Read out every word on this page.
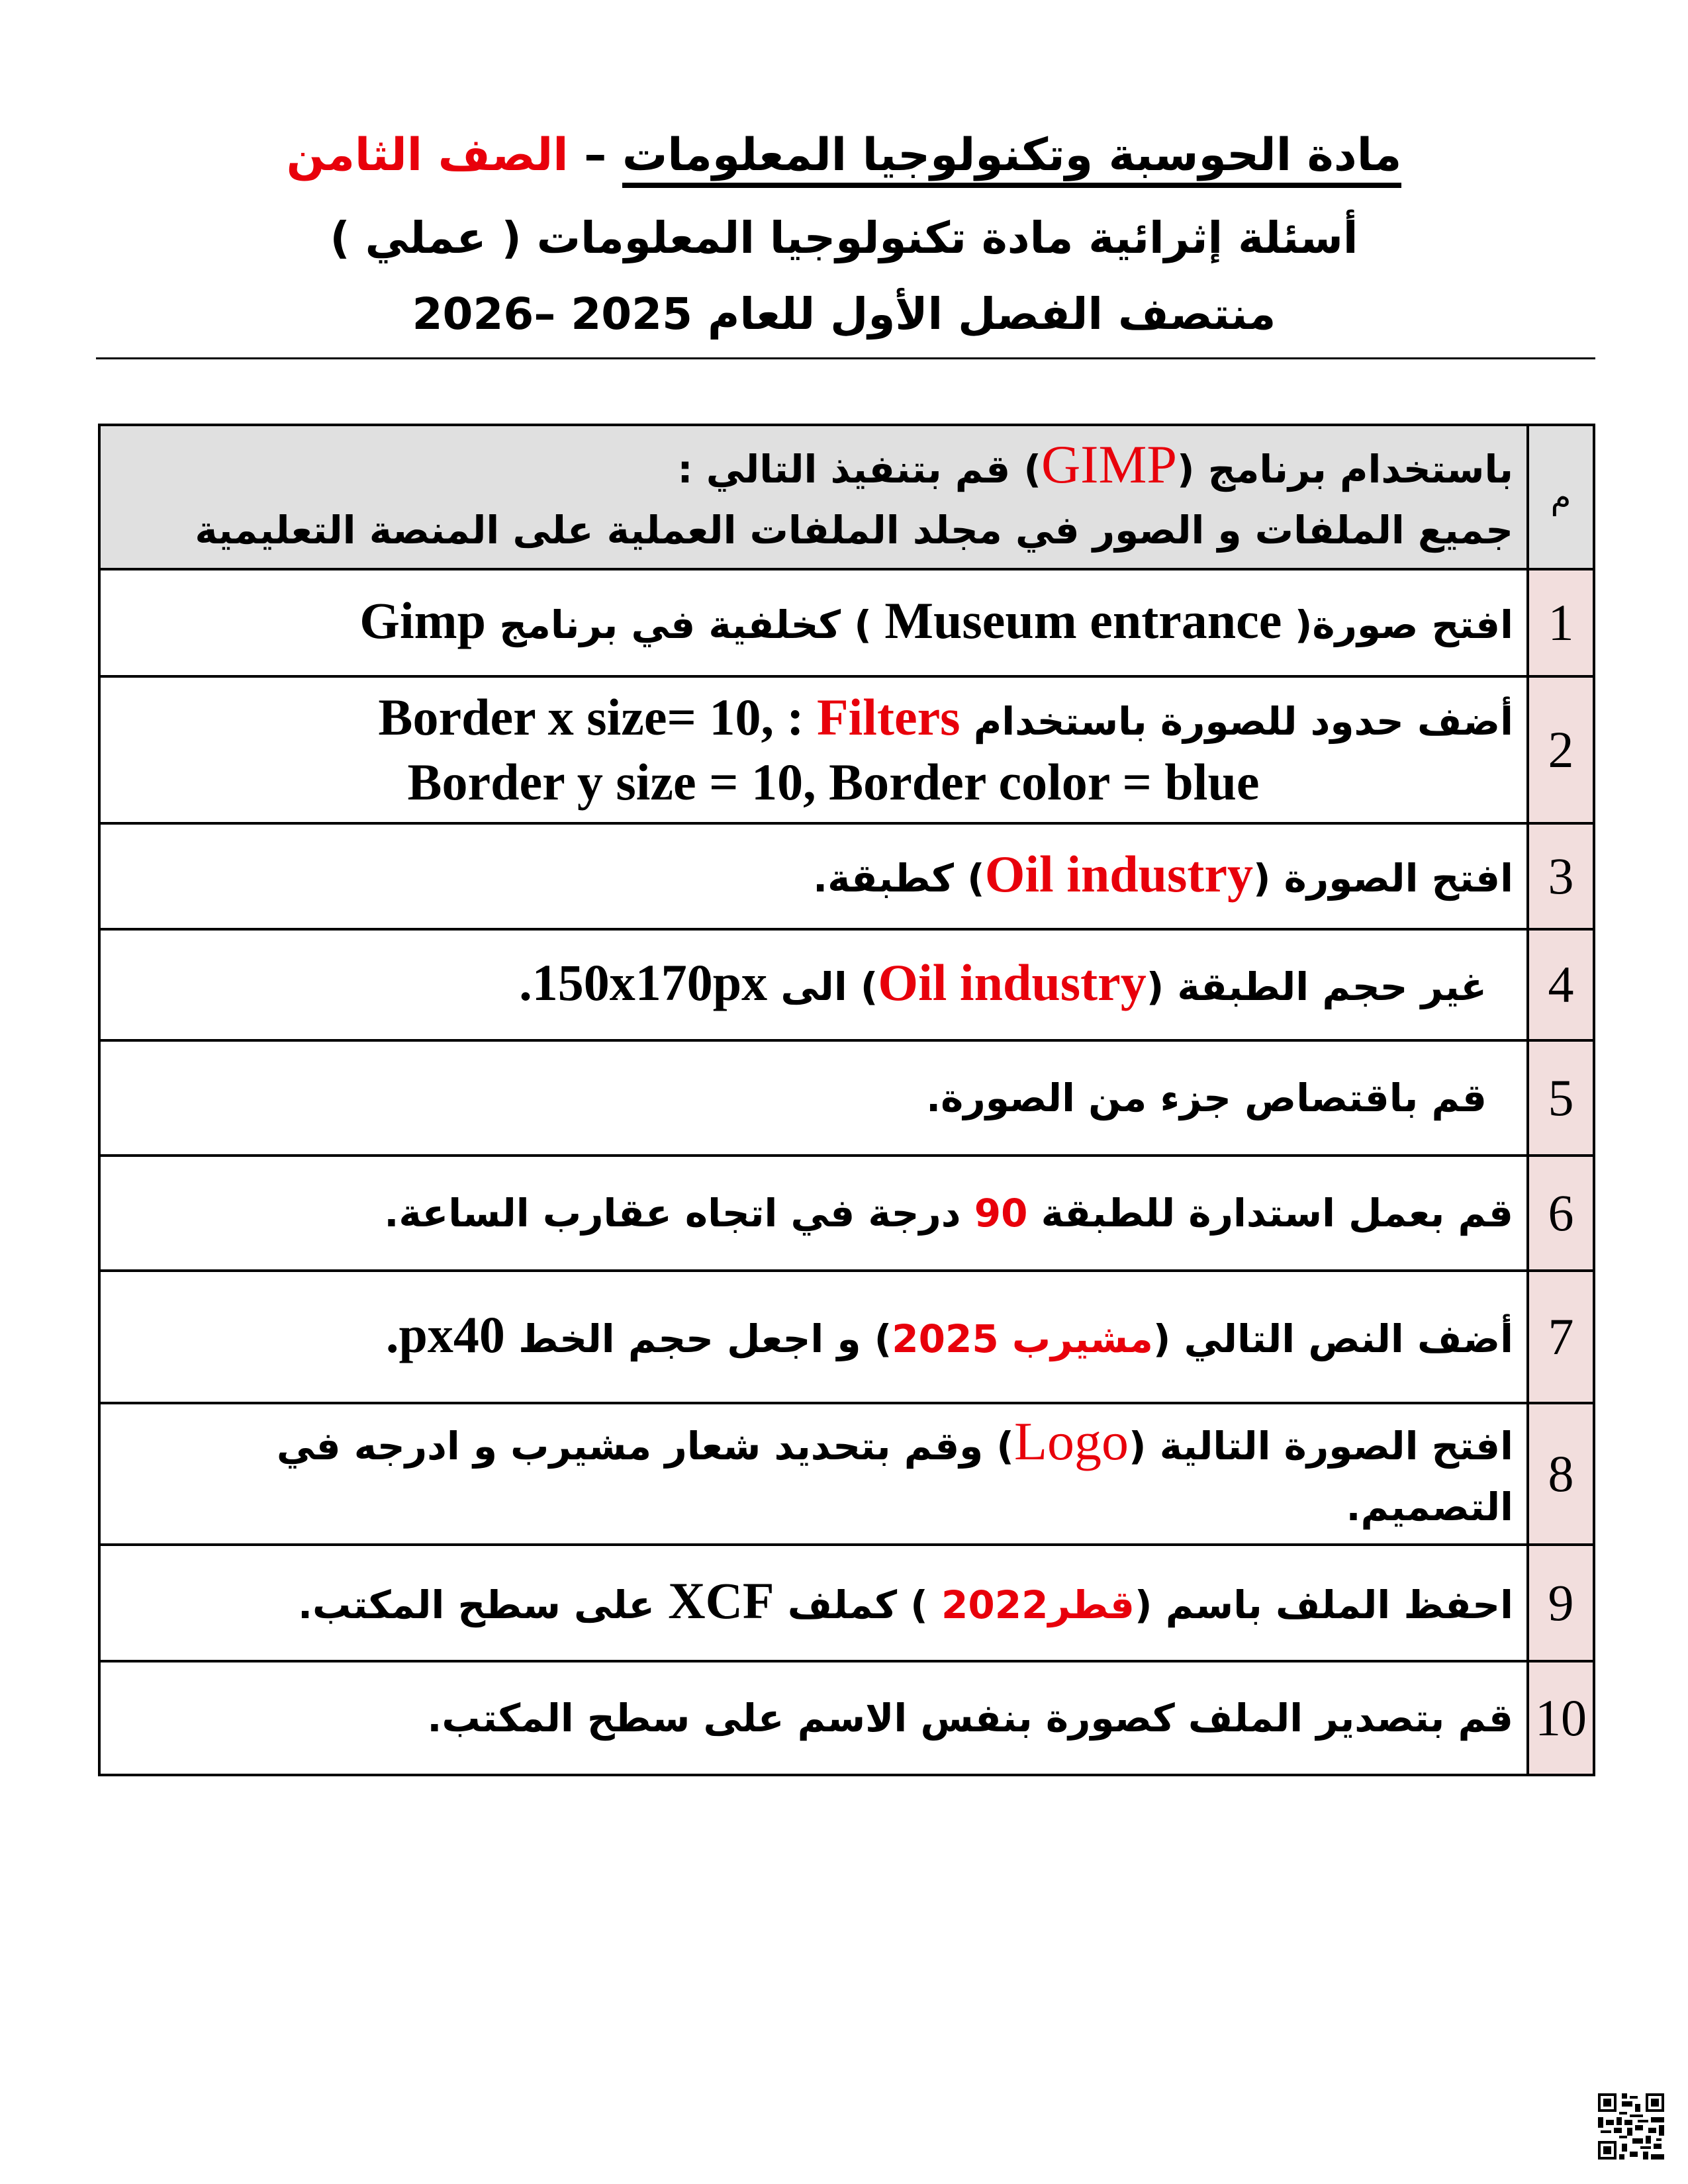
مادة الحوسبة وتكنولوجيا المعلومات – الصف الثامن
أسئلة إثرائية مادة تكنولوجيا المعلومات ( عملي )
منتصف الفصل الأول للعام 2025 –2026
م	باستخدام برنامج (GIMP) قم بتنفيذ التالي :
جميع الملفات و الصور في مجلد الملفات العملية على المنصة التعليمية

1	افتح صورة( Museum entrance ) كخلفية في برنامج Gimp
2	أضف حدود للصورة باستخدام Filters : Border x size= 10,
Border y size = 10, Border color = blue

3	افتح الصورة (Oil industry) كطبقة.
4	غير حجم الطبقة (Oil industry) الى 150x170px.
5	قم باقتصاص جزء من الصورة.
6	قم بعمل استدارة للطبقة 90 درجة في اتجاه عقارب الساعة.
7	أضف النص التالي (مشيرب 2025) و اجعل حجم الخط px40.
8	افتح الصورة التالية (Logo) وقم بتحديد شعار مشيرب و ادرجه في التصميم.
9	احفظ الملف باسم (قطر2022 ) كملف XCF على سطح المكتب.
10	قم بتصدير الملف كصورة بنفس الاسم على سطح المكتب.
